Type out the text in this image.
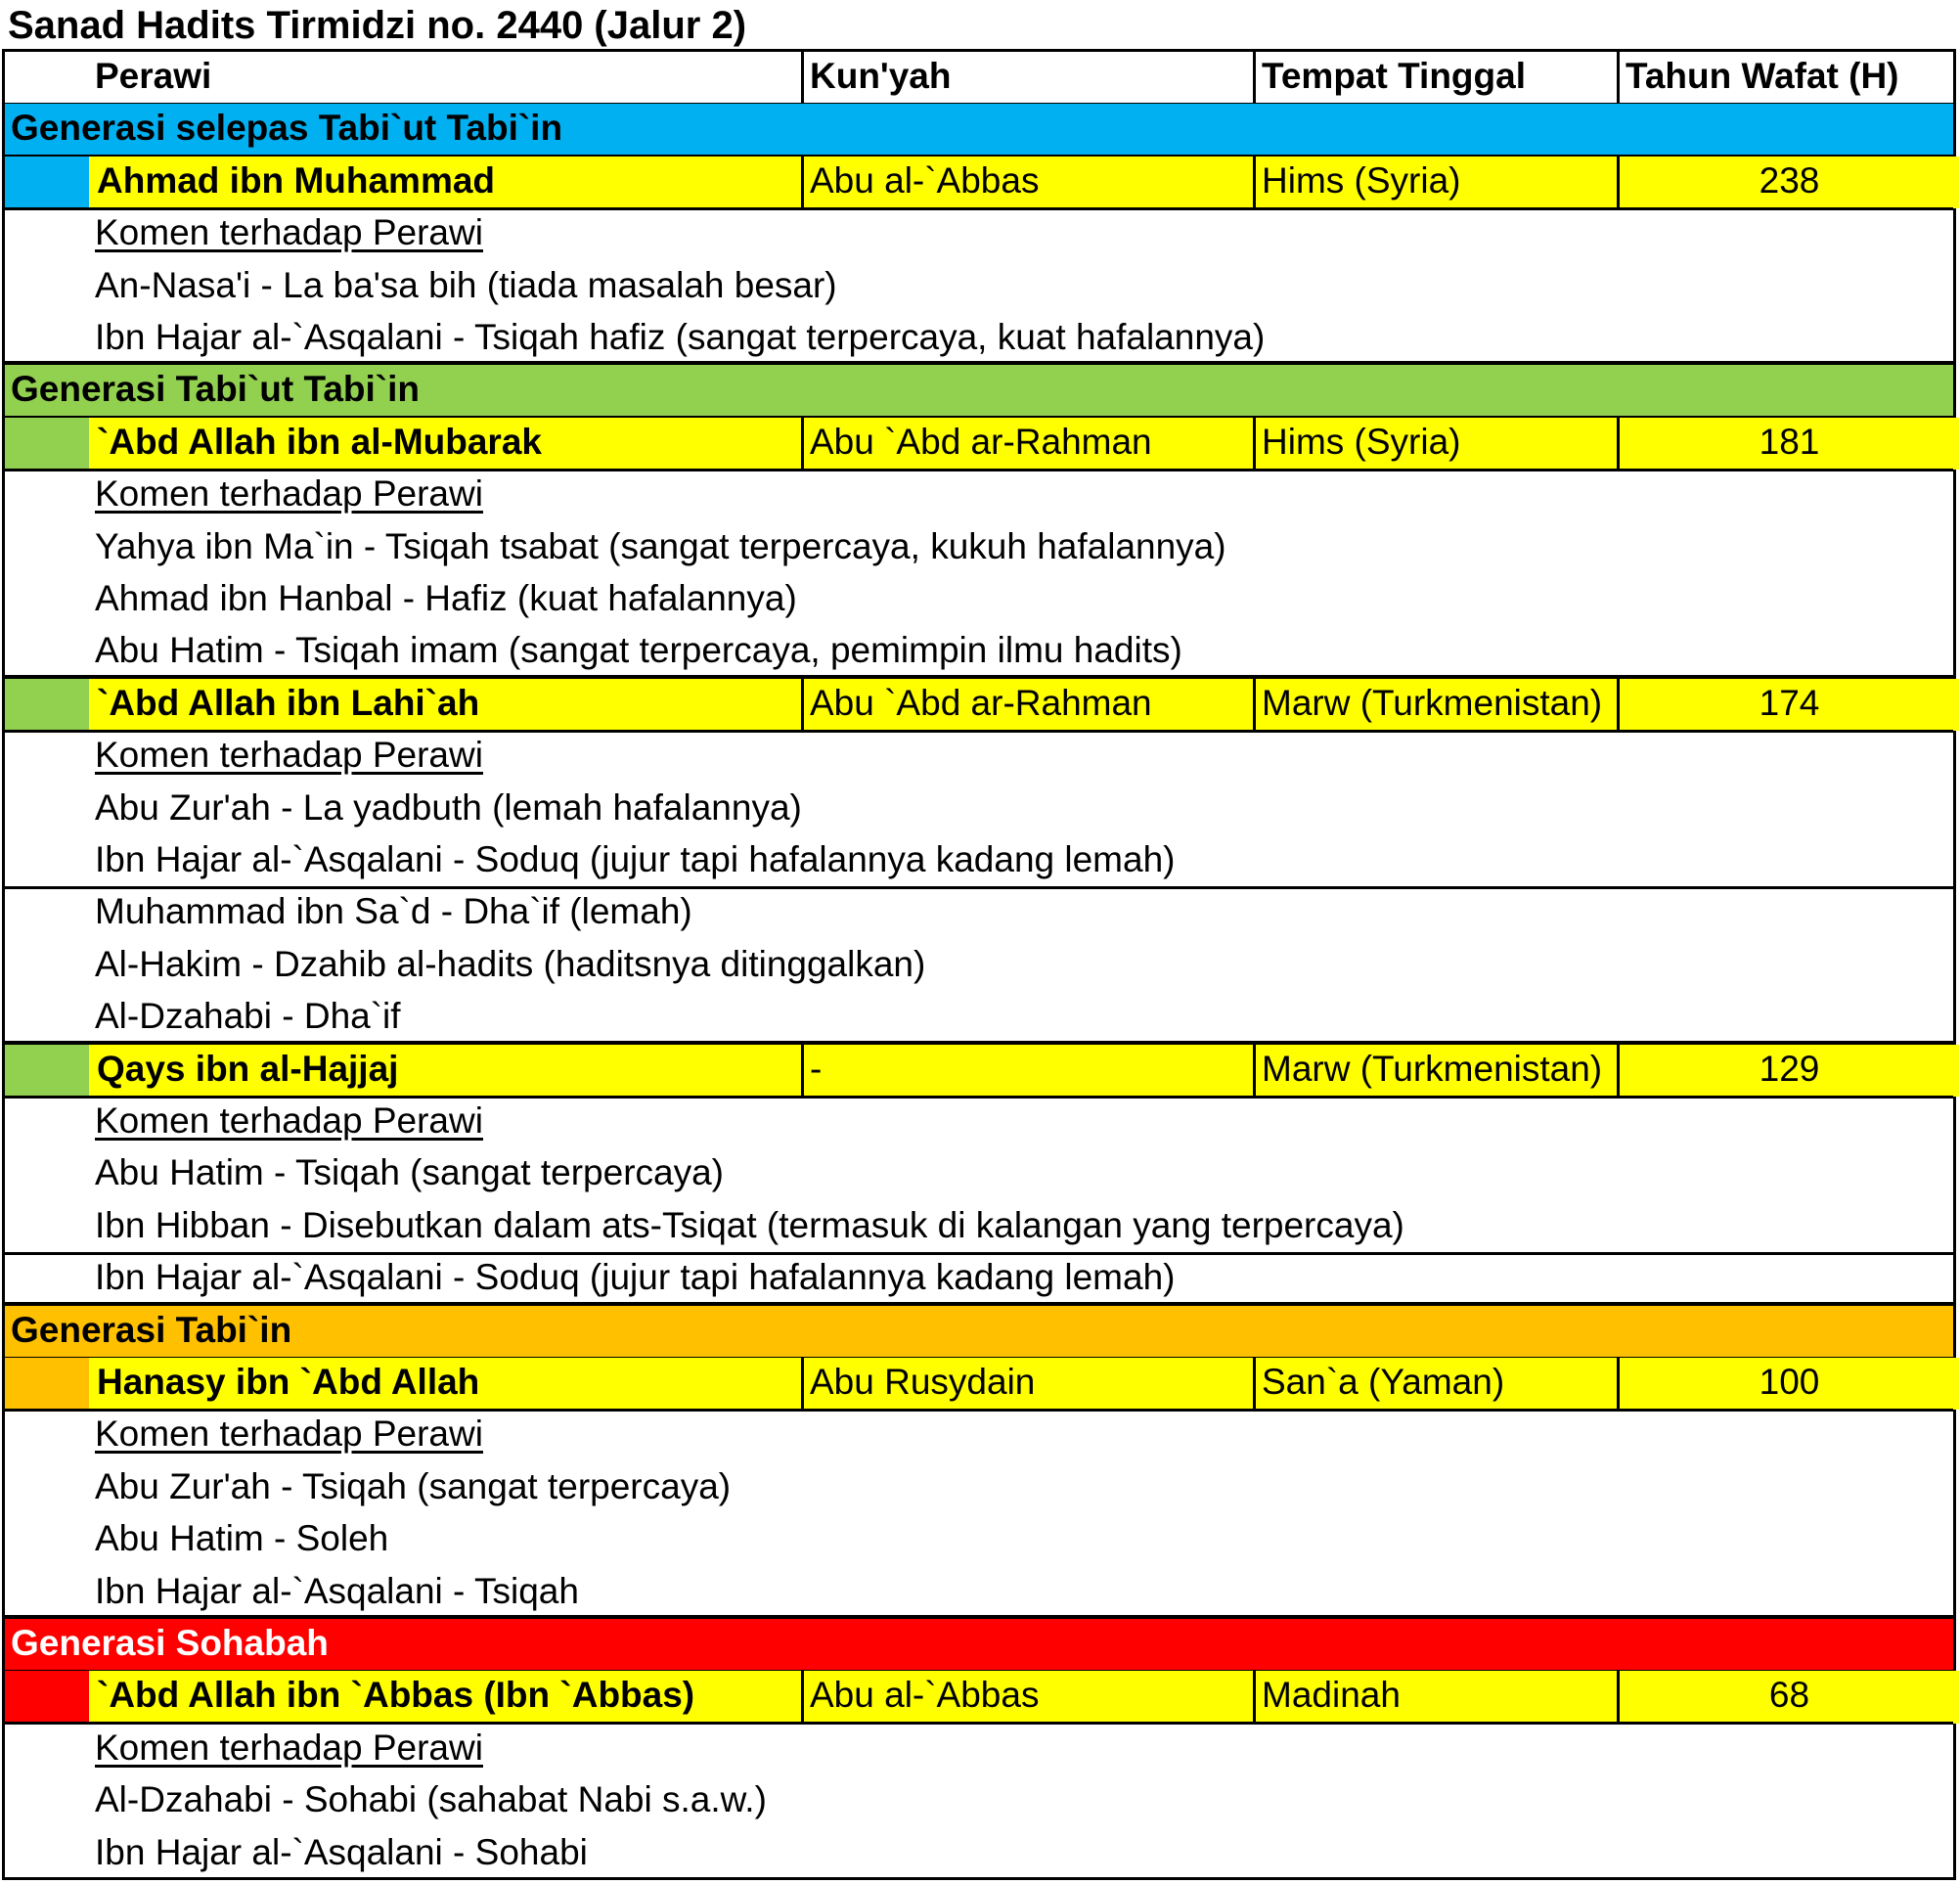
Sanad Hadits Tirmidzi no. 2440 (Jalur 2)
Perawi	Kun'yah	Tempat Tinggal	Tahun Wafat (H)
Generasi selepas Tabi`ut Tabi`in
Ahmad ibn Muhammad	Abu al-`Abbas	Hims (Syria)	238
Komen terhadap Perawi
An-Nasa'i - La ba'sa bih (tiada masalah besar)
Ibn Hajar al-`Asqalani - Tsiqah hafiz (sangat terpercaya, kuat hafalannya)
Generasi Tabi`ut Tabi`in
`Abd Allah ibn al-Mubarak	Abu `Abd ar-Rahman	Hims (Syria)	181
Komen terhadap Perawi
Yahya ibn Ma`in - Tsiqah tsabat (sangat terpercaya, kukuh hafalannya)
Ahmad ibn Hanbal - Hafiz (kuat hafalannya)
Abu Hatim - Tsiqah imam (sangat terpercaya, pemimpin ilmu hadits)
`Abd Allah ibn Lahi`ah	Abu `Abd ar-Rahman	Marw (Turkmenistan)	174
Komen terhadap Perawi
Abu Zur'ah - La yadbuth (lemah hafalannya)
Ibn Hajar al-`Asqalani - Soduq (jujur tapi hafalannya kadang lemah)
Muhammad ibn Sa`d - Dha`if (lemah)
Al-Hakim - Dzahib al-hadits (haditsnya ditinggalkan)
Al-Dzahabi - Dha`if
Qays ibn al-Hajjaj	-	Marw (Turkmenistan)	129
Komen terhadap Perawi
Abu Hatim - Tsiqah (sangat terpercaya)
Ibn Hibban - Disebutkan dalam ats-Tsiqat (termasuk di kalangan yang terpercaya)
Ibn Hajar al-`Asqalani - Soduq (jujur tapi hafalannya kadang lemah)
Generasi Tabi`in
Hanasy ibn `Abd Allah	Abu Rusydain	San`a (Yaman)	100
Komen terhadap Perawi
Abu Zur'ah - Tsiqah (sangat terpercaya)
Abu Hatim - Soleh
Ibn Hajar al-`Asqalani - Tsiqah
Generasi Sohabah
`Abd Allah ibn `Abbas (Ibn `Abbas)	Abu al-`Abbas	Madinah	68
Komen terhadap Perawi
Al-Dzahabi - Sohabi (sahabat Nabi s.a.w.)
Ibn Hajar al-`Asqalani - Sohabi
